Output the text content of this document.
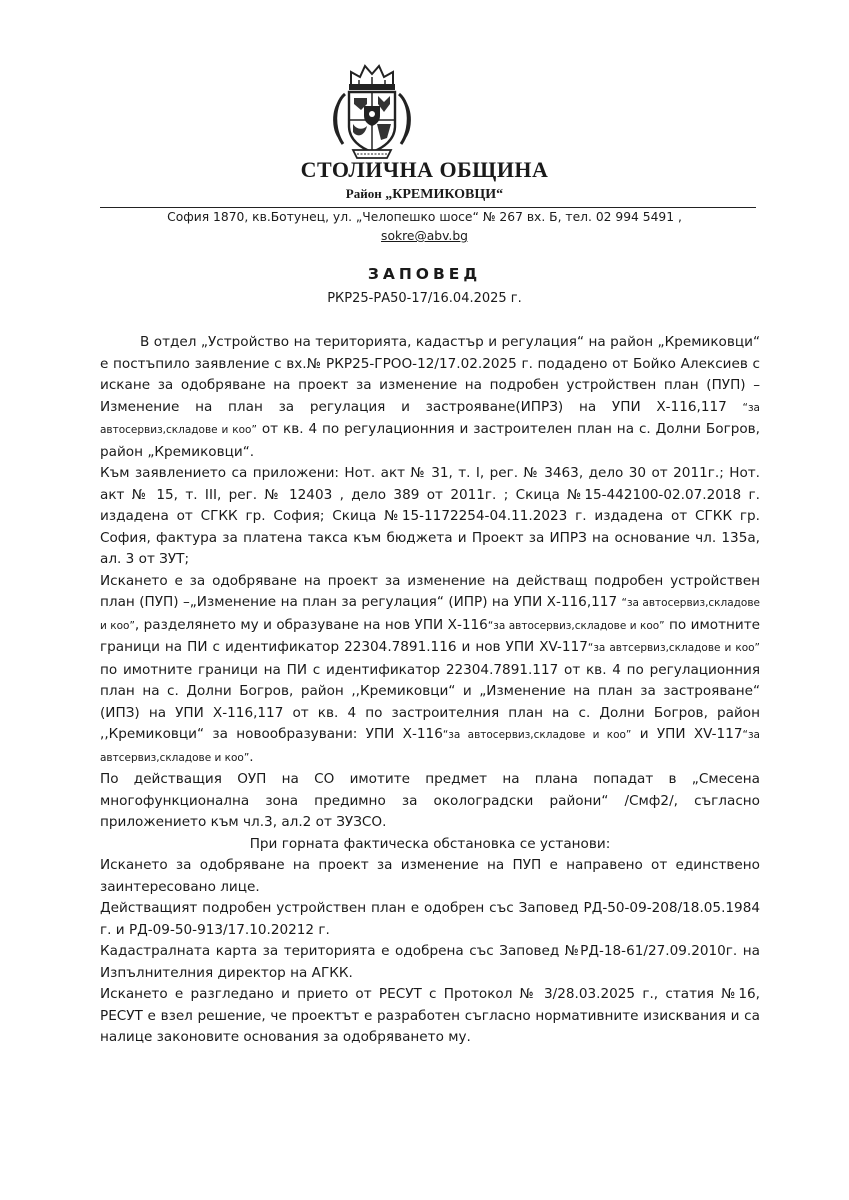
СТОЛИЧНА ОБЩИНА
Район „КРЕМИКОВЦИ“
София 1870, кв.Ботунец, ул. „Челопешко шосе“ № 267 вх. Б, тел. 02 994 5491 ,
sokre@abv.bg
ЗАПОВЕД
РКР25-РА50-17/16.04.2025 г.

В отдел „Устройство на територията, кадастър и регулация“ на район „Кремиковци“ е постъпило заявление с вх.№ РКР25-ГРОО-12/17.02.2025 г. подадено от Бойко Алексиев с искане за одобряване на проект за изменение на подробен устройствен план (ПУП) – Изменение на план за регулация и застрояване(ИПРЗ) на УПИ Х-116,117 “за автосервиз,складове и коо” от кв. 4 по регулационния и застроителен план на с. Долни Богров, район „Кремиковци“.

Към заявлението са приложени: Нот. акт № 31, т. I, рег. № 3463, дело 30 от 2011г.; Нот. акт № 15, т. III, рег. № 12403 , дело 389 от 2011г. ; Скица №15-442100-02.07.2018 г. издадена от СГКК гр. София; Скица №15-1172254-04.11.2023 г. издадена от СГКК гр. София, фактура за платена такса към бюджета и Проект за ИПРЗ на основание чл. 135а, ал. 3 от ЗУТ;

Искането е за одобряване на проект за изменение на действащ подробен устройствен план (ПУП) –„Изменение на план за регулация“ (ИПР) на УПИ Х-116,117 “за автосервиз,складове и коо”, разделянето му и образуване на нов УПИ Х-116“за автосервиз,складове и коо” по имотните граници на ПИ с идентификатор 22304.7891.116 и нов УПИ ХV-117“за автсервиз,складове и коо” по имотните граници на ПИ с идентификатор 22304.7891.117 от кв. 4 по регулационния план на с. Долни Богров, район ,,Кремиковци“ и „Изменение на план за застрояване“ (ИПЗ) на УПИ Х-116,117 от кв. 4 по застроителния план на с. Долни Богров, район ,,Кремиковци“ за новообразувани: УПИ Х-116“за автосервиз,складове и коо” и УПИ ХV-117“за автсервиз,складове и коо”.

По действащия ОУП на СО имотите предмет на плана попадат в „Смесена многофункционална зона предимно за околоградски райони“ /Смф2/, съгласно приложението към чл.3, ал.2 от ЗУЗСО.

При горната фактическа обстановка се установи:

Искането за одобряване на проект за изменение на ПУП е направено от единствено заинтересовано лице.

Действащият подробен устройствен план е одобрен със Заповед РД-50-09-208/18.05.1984 г. и РД-09-50-913/17.10.20212 г.

Кадастралната карта за територията е одобрена със Заповед №РД-18-61/27.09.2010г. на Изпълнителния директор на АГКК.

Искането е разгледано и прието от РЕСУТ с Протокол № 3/28.03.2025 г., статия №16, РЕСУТ е взел решение, че проектът е разработен съгласно нормативните изисквания и са налице законовите основания за одобряването му.
